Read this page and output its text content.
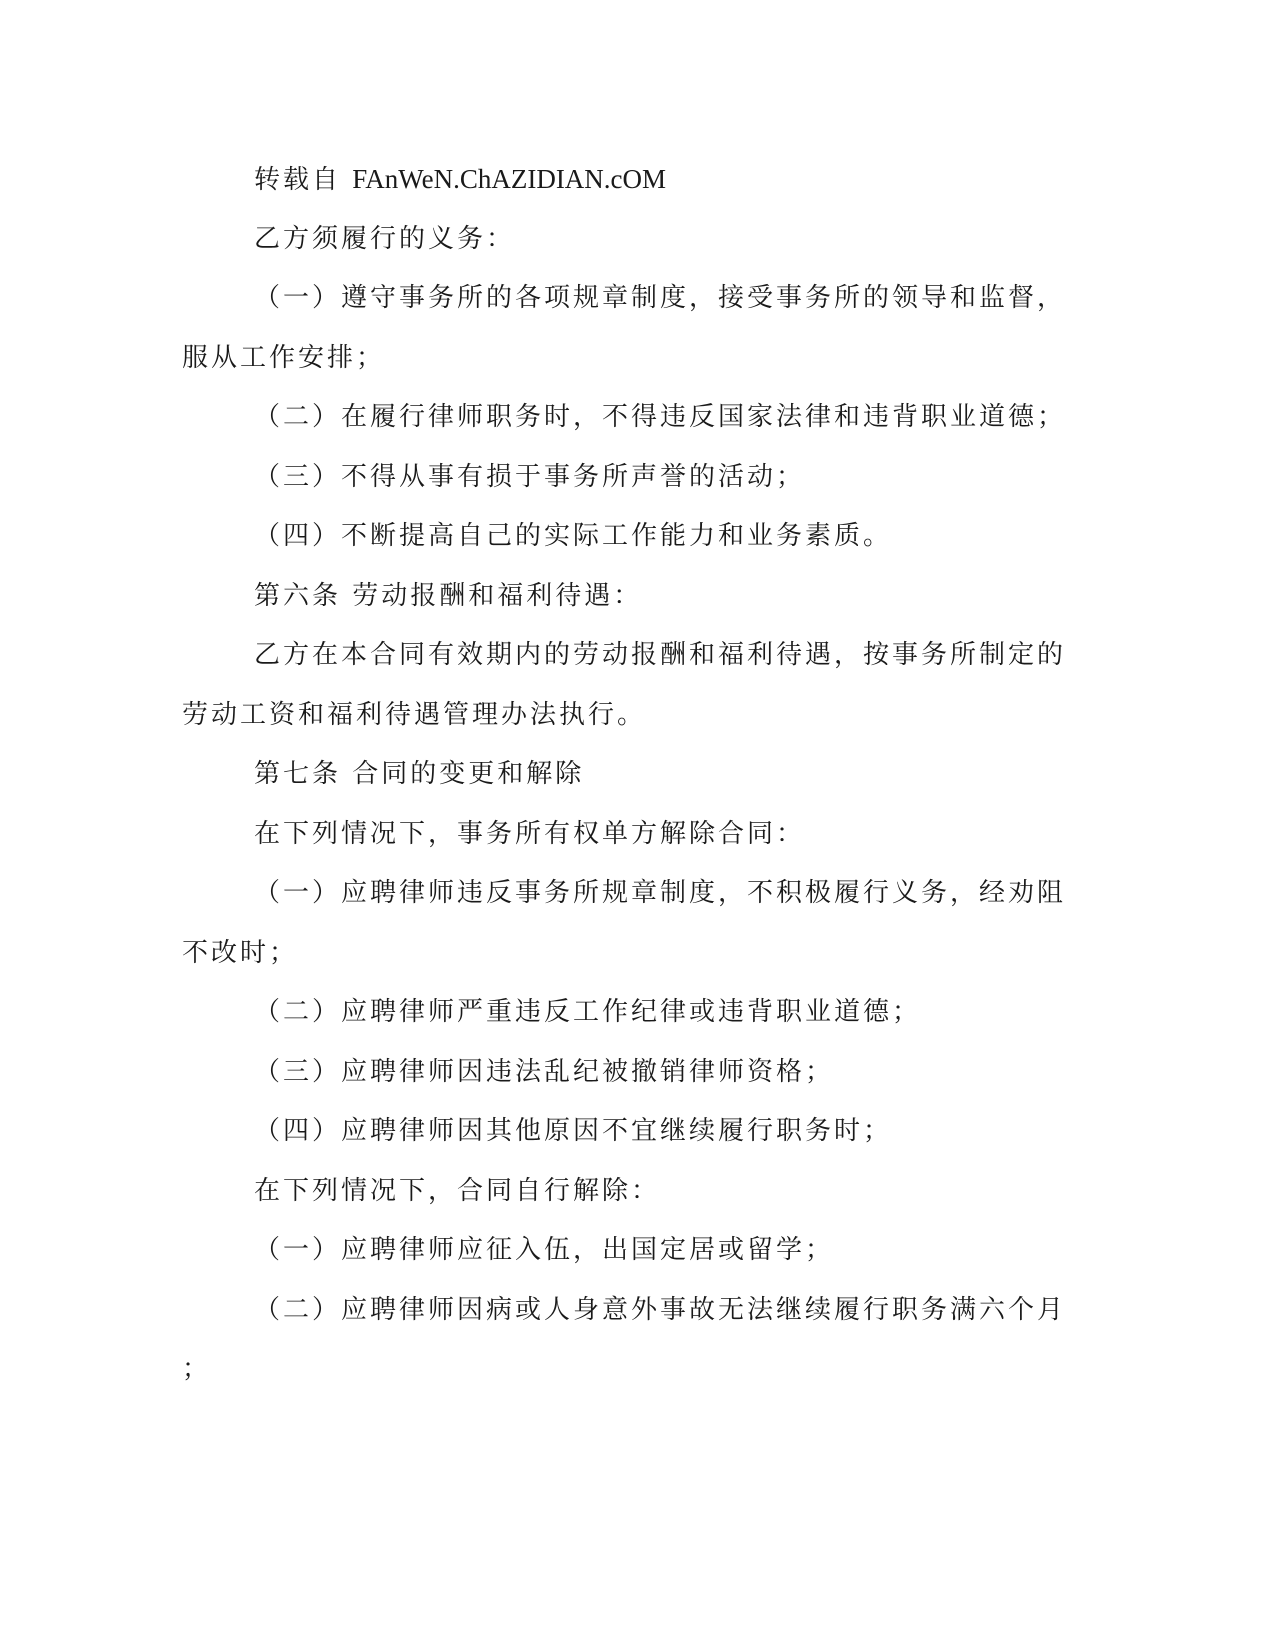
转载自 FAnWeN.ChAZIDIAN.cOM
乙方须履行的义务：
（一）遵守事务所的各项规章制度，接受事务所的领导和监督，
服从工作安排；
（二）在履行律师职务时，不得违反国家法律和违背职业道德；
（三）不得从事有损于事务所声誉的活动；
（四）不断提高自己的实际工作能力和业务素质。
第六条 劳动报酬和福利待遇：
乙方在本合同有效期内的劳动报酬和福利待遇，按事务所制定的
劳动工资和福利待遇管理办法执行。
第七条 合同的变更和解除
在下列情况下，事务所有权单方解除合同：
（一）应聘律师违反事务所规章制度，不积极履行义务，经劝阻
不改时；
（二）应聘律师严重违反工作纪律或违背职业道德；
（三）应聘律师因违法乱纪被撤销律师资格；
（四）应聘律师因其他原因不宜继续履行职务时；
在下列情况下，合同自行解除：
（一）应聘律师应征入伍，出国定居或留学；
（二）应聘律师因病或人身意外事故无法继续履行职务满六个月
；
